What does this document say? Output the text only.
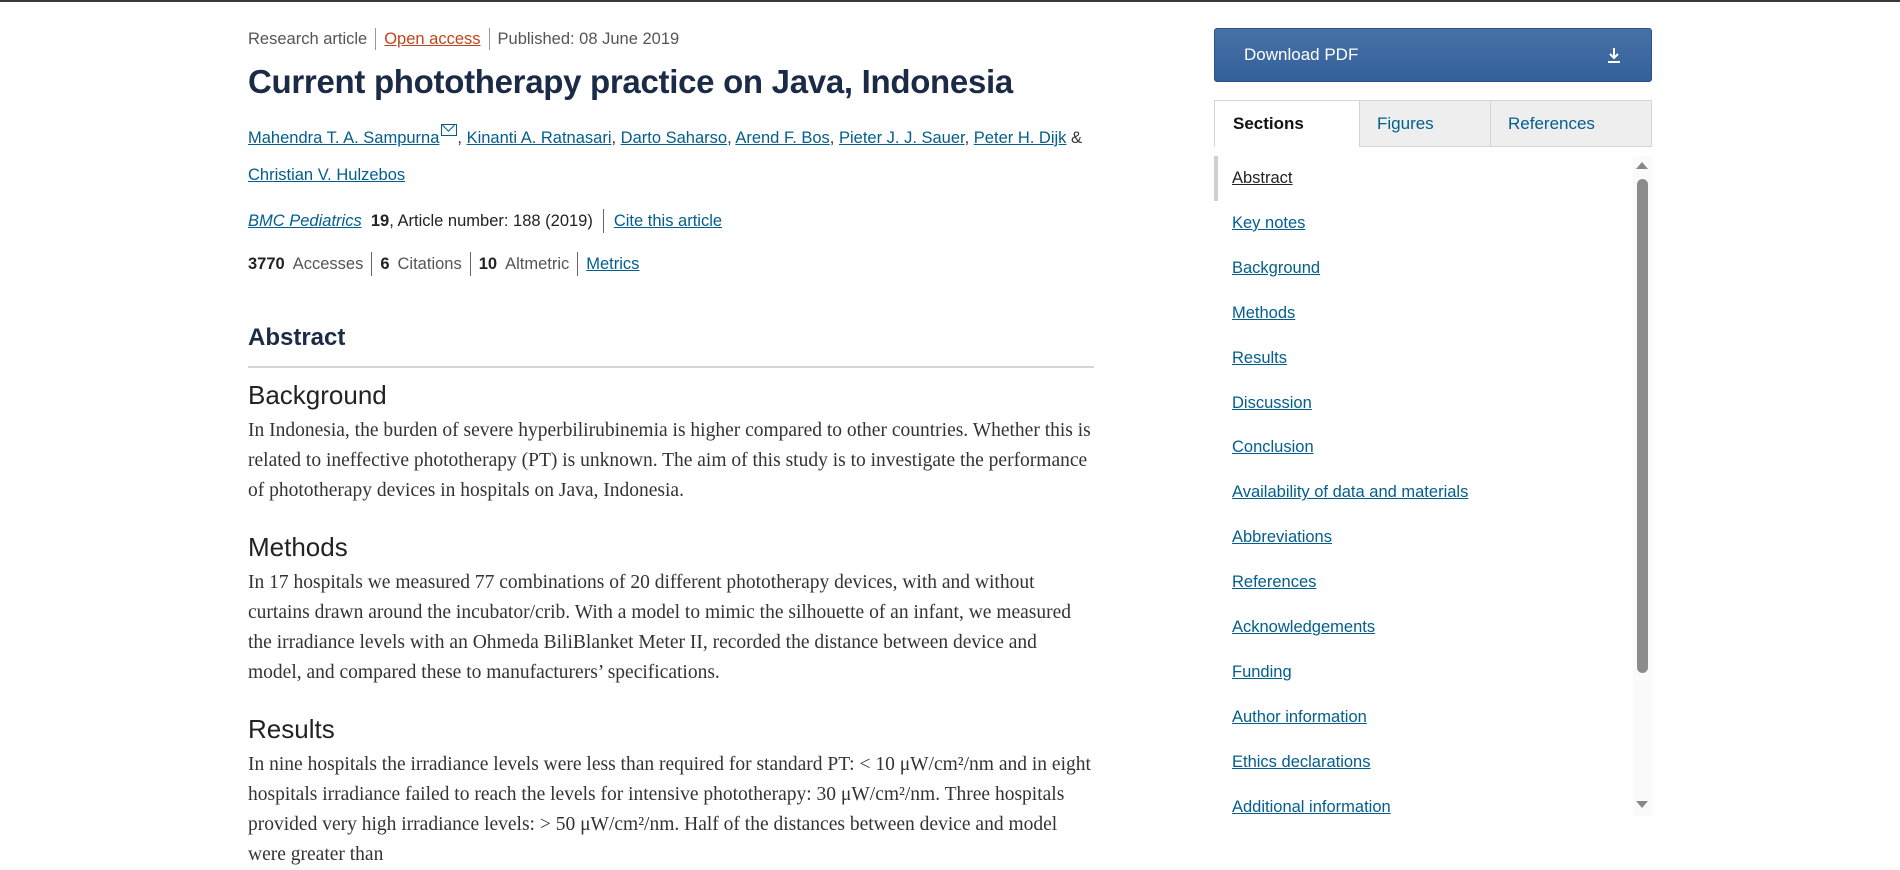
Research article	Open access	Published: 08 June 2019
Current phototherapy practice on Java, Indonesia
Mahendra T. A. Sampurna , Kinanti A. Ratnasari, Darto Saharso, Arend F. Bos, Pieter J. J. Sauer, Peter H. Dijk & Christian V. Hulzebos
BMC Pediatrics
19 , Article number: 188 (2019) Cite this article
3770 Accesses 6 Citations 10 Altmetric Metrics
Abstract
Background

In Indonesia, the burden of severe hyperbilirubinemia is higher compared to other countries. Whether this is related to ineffective phototherapy (PT) is unknown. The aim of this study is to investigate the performance of phototherapy devices in hospitals on Java, Indonesia.

Methods

In 17 hospitals we measured 77 combinations of 20 different phototherapy devices, with and without curtains drawn around the incubator/crib. With a model to mimic the silhouette of an infant, we measured the irradiance levels with an Ohmeda BiliBlanket Meter II, recorded the distance between device and model, and compared these to manufacturers’ specifications.

Results

In nine hospitals the irradiance levels were less than required for standard PT: < 10 μW/cm²/nm and in eight hospitals irradiance failed to reach the levels for intensive phototherapy: 30 μW/cm²/nm. Three hospitals provided very high irradiance levels: > 50 μW/cm²/nm. Half of the distances between device and model were greater than

Download PDF
Sections	Figures	References
Abstract
Key notes
Background
Methods
Results
Discussion
Conclusion
Availability of data and materials
Abbreviations
References
Acknowledgements
Funding
Author information
Ethics declarations
Additional information
